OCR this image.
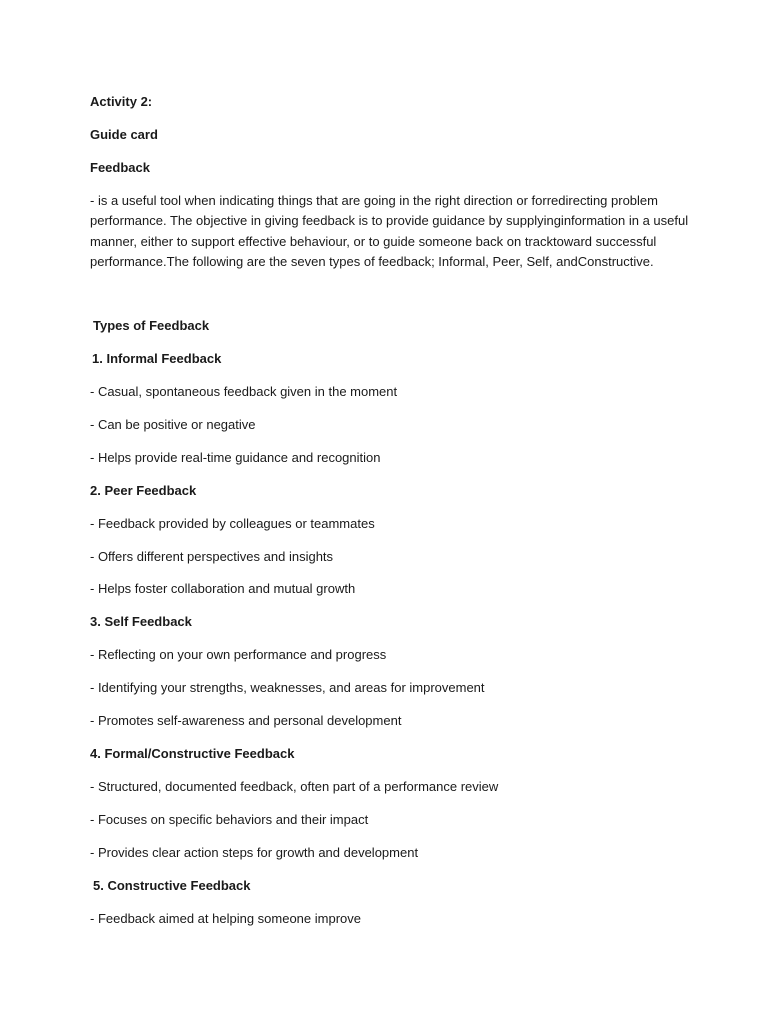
Activity 2:

Guide card

Feedback

- is a useful tool when indicating things that are going in the right direction or forredirecting problem performance. The objective in giving feedback is to provide guidance by supplyinginformation in a useful manner, either to support effective behaviour, or to guide someone back on tracktoward successful performance.The following are the seven types of feedback; Informal, Peer, Self, andConstructive.

Types of Feedback

1. Informal Feedback

- Casual, spontaneous feedback given in the moment

- Can be positive or negative

- Helps provide real-time guidance and recognition

2. Peer Feedback

- Feedback provided by colleagues or teammates

- Offers different perspectives and insights

- Helps foster collaboration and mutual growth

3. Self Feedback

- Reflecting on your own performance and progress

- Identifying your strengths, weaknesses, and areas for improvement

- Promotes self-awareness and personal development

4. Formal/Constructive Feedback

- Structured, documented feedback, often part of a performance review

- Focuses on specific behaviors and their impact

- Provides clear action steps for growth and development

5. Constructive Feedback

- Feedback aimed at helping someone improve
